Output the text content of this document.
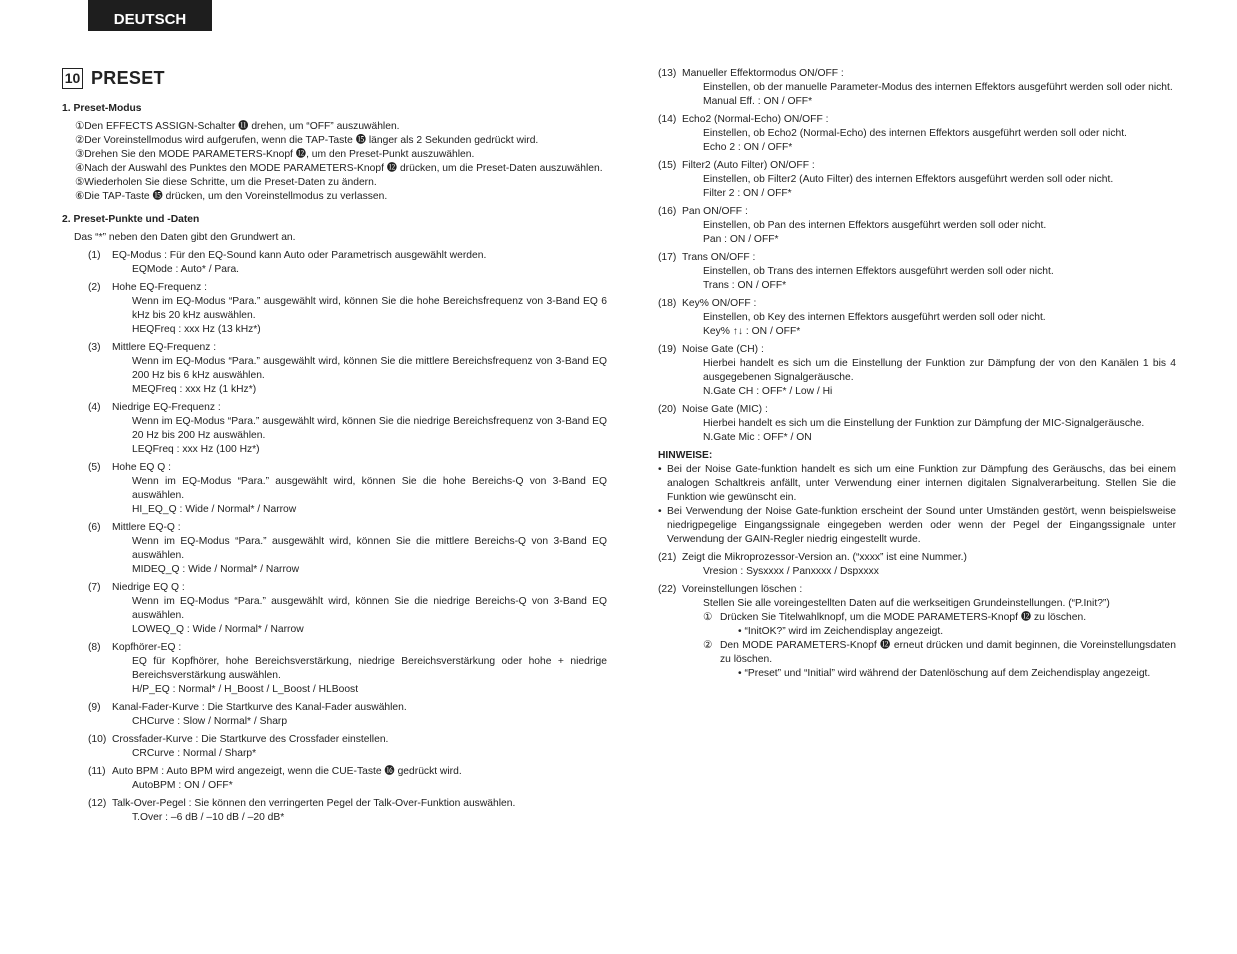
DEUTSCH
10 PRESET
1. Preset-Modus
①Den EFFECTS ASSIGN-Schalter ⓫ drehen, um “OFF” auszuwählen.
②Der Voreinstellmodus wird aufgerufen, wenn die TAP-Taste ⓯ länger als 2 Sekunden gedrückt wird.
③Drehen Sie den MODE PARAMETERS-Knopf ⓬, um den Preset-Punkt auszuwählen.
④Nach der Auswahl des Punktes den MODE PARAMETERS-Knopf ⓬ drücken, um die Preset-Daten auszuwählen.
⑤Wiederholen Sie diese Schritte, um die Preset-Daten zu ändern.
⑥Die TAP-Taste ⓯ drücken, um den Voreinstellmodus zu verlassen.
2. Preset-Punkte und -Daten
Das “*” neben den Daten gibt den Grundwert an.
(1)	EQ-Modus : Für den EQ-Sound kann Auto oder Parametrisch ausgewählt werden.
EQMode : Auto* / Para.
(2)	Hohe EQ-Frequenz :
Wenn im EQ-Modus “Para.” ausgewählt wird, können Sie die hohe Bereichsfrequenz von 3-Band EQ 6 kHz bis 20 kHz auswählen.
HEQFreq : xxx Hz (13 kHz*)
(3)	Mittlere EQ-Frequenz :
Wenn im EQ-Modus “Para.” ausgewählt wird, können Sie die mittlere Bereichsfrequenz von 3-Band EQ 200 Hz bis 6 kHz auswählen.
MEQFreq : xxx Hz (1 kHz*)
(4)	Niedrige EQ-Frequenz :
Wenn im EQ-Modus “Para.” ausgewählt wird, können Sie die niedrige Bereichsfrequenz von 3-Band EQ 20 Hz bis 200 Hz auswählen.
LEQFreq : xxx Hz (100 Hz*)
(5)	Hohe EQ Q :
Wenn im EQ-Modus “Para.” ausgewählt wird, können Sie die hohe Bereichs-Q von 3-Band EQ auswählen.
HI_EQ_Q : Wide / Normal* / Narrow
(6)	Mittlere EQ-Q :
Wenn im EQ-Modus “Para.” ausgewählt wird, können Sie die mittlere Bereichs-Q von 3-Band EQ auswählen.
MIDEQ_Q : Wide / Normal* / Narrow
(7)	Niedrige EQ Q :
Wenn im EQ-Modus “Para.” ausgewählt wird, können Sie die niedrige Bereichs-Q von 3-Band EQ auswählen.
LOWEQ_Q : Wide / Normal* / Narrow
(8)	Kopfhörer-EQ :
EQ für Kopfhörer, hohe Bereichsverstärkung, niedrige Bereichsverstärkung oder hohe + niedrige Bereichsverstärkung auswählen.
H/P_EQ : Normal* / H_Boost / L_Boost / HLBoost
(9)	Kanal-Fader-Kurve : Die Startkurve des Kanal-Fader auswählen.
CHCurve : Slow / Normal* / Sharp
(10) Crossfader-Kurve : Die Startkurve des Crossfader einstellen.
CRCurve : Normal / Sharp*
(11) Auto BPM : Auto BPM wird angezeigt, wenn die CUE-Taste ⓰ gedrückt wird.
AutoBPM : ON / OFF*
(12) Talk-Over-Pegel : Sie können den verringerten Pegel der Talk-Over-Funktion auswählen.
T.Over : –6 dB / –10 dB / –20 dB*
(13) Manueller Effektormodus ON/OFF :
Einstellen, ob der manuelle Parameter-Modus des internen Effektors ausgeführt werden soll oder nicht.
Manual Eff. : ON / OFF*
(14) Echo2 (Normal-Echo) ON/OFF :
Einstellen, ob Echo2 (Normal-Echo) des internen Effektors ausgeführt werden soll oder nicht.
Echo 2 : ON / OFF*
(15) Filter2 (Auto Filter) ON/OFF :
Einstellen, ob Filter2 (Auto Filter) des internen Effektors ausgeführt werden soll oder nicht.
Filter 2 : ON / OFF*
(16) Pan ON/OFF :
Einstellen, ob Pan des internen Effektors ausgeführt werden soll oder nicht.
Pan : ON / OFF*
(17) Trans ON/OFF :
Einstellen, ob Trans des internen Effektors ausgeführt werden soll oder nicht.
Trans : ON / OFF*
(18) Key% ON/OFF :
Einstellen, ob Key des internen Effektors ausgeführt werden soll oder nicht.
Key% ↑↓ : ON / OFF*
(19) Noise Gate (CH) :
Hierbei handelt es sich um die Einstellung der Funktion zur Dämpfung der von den Kanälen 1 bis 4 ausgegebenen Signalgeräusche.
N.Gate CH : OFF* / Low / Hi
(20) Noise Gate (MIC) :
Hierbei handelt es sich um die Einstellung der Funktion zur Dämpfung der MIC-Signalgeräusche.
N.Gate Mic : OFF* / ON
HINWEISE:
• Bei der Noise Gate-funktion handelt es sich um eine Funktion zur Dämpfung des Geräuschs, das bei einem analogen Schaltkreis anfällt, unter Verwendung einer internen digitalen Signalverarbeitung. Stellen Sie die Funktion wie gewünscht ein.
• Bei Verwendung der Noise Gate-funktion erscheint der Sound unter Umständen gestört, wenn beispielsweise niedrigpegelige Eingangssignale eingegeben werden oder wenn der Pegel der Eingangssignale unter Verwendung der GAIN-Regler niedrig eingestellt wurde.
(21) Zeigt die Mikroprozessor-Version an. (“xxxx” ist eine Nummer.)
Vresion : Sysxxxx / Panxxxx / Dspxxxx
(22) Voreinstellungen löschen :
Stellen Sie alle voreingestellten Daten auf die werkseitigen Grundeinstellungen. (“P.Init?”)
① Drücken Sie Titelwahlknopf, um die MODE PARAMETERS-Knopf ⓬ zu löschen.
• “InitOK?” wird im Zeichendisplay angezeigt.
② Den MODE PARAMETERS-Knopf ⓬ erneut drücken und damit beginnen, die Voreinstellungsdaten zu löschen.
• “Preset” und “Initial” wird während der Datenlöschung auf dem Zeichendisplay angezeigt.
